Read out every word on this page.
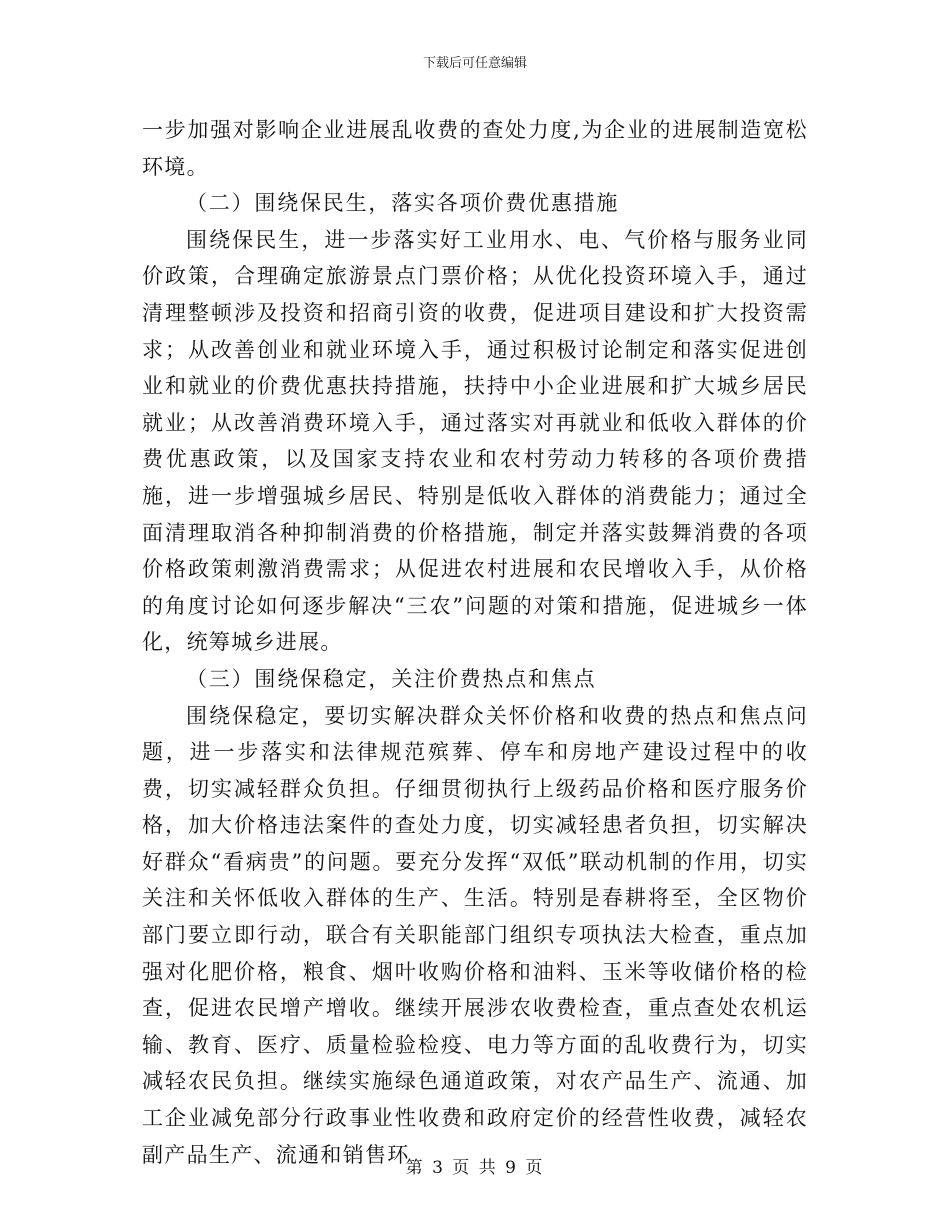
下载后可任意编辑

一步加强对影响企业进展乱收费的查处力度,为企业的进展制造宽松环境。

（二）围绕保民生，落实各项价费优惠措施

围绕保民生，进一步落实好工业用水、电、气价格与服务业同价政策，合理确定旅游景点门票价格；从优化投资环境入手，通过清理整顿涉及投资和招商引资的收费，促进项目建设和扩大投资需求；从改善创业和就业环境入手，通过积极讨论制定和落实促进创业和就业的价费优惠扶持措施，扶持中小企业进展和扩大城乡居民就业；从改善消费环境入手，通过落实对再就业和低收入群体的价费优惠政策，以及国家支持农业和农村劳动力转移的各项价费措施，进一步增强城乡居民、特别是低收入群体的消费能力；通过全面清理取消各种抑制消费的价格措施，制定并落实鼓舞消费的各项价格政策刺激消费需求；从促进农村进展和农民增收入手，从价格的角度讨论如何逐步解决“三农”问题的对策和措施，促进城乡一体化，统筹城乡进展。

（三）围绕保稳定，关注价费热点和焦点

围绕保稳定，要切实解决群众关怀价格和收费的热点和焦点问题，进一步落实和法律规范殡葬、停车和房地产建设过程中的收费，切实减轻群众负担。仔细贯彻执行上级药品价格和医疗服务价格，加大价格违法案件的查处力度，切实减轻患者负担，切实解决好群众“看病贵”的问题。要充分发挥“双低”联动机制的作用，切实关注和关怀低收入群体的生产、生活。特别是春耕将至，全区物价部门要立即行动，联合有关职能部门组织专项执法大检查，重点加强对化肥价格，粮食、烟叶收购价格和油料、玉米等收储价格的检查，促进农民增产增收。继续开展涉农收费检查，重点查处农机运输、教育、医疗、质量检验检疫、电力等方面的乱收费行为，切实减轻农民负担。继续实施绿色通道政策，对农产品生产、流通、加工企业减免部分行政事业性收费和政府定价的经营性收费，减轻农副产品生产、流通和销售环

第 3 页 共 9 页
